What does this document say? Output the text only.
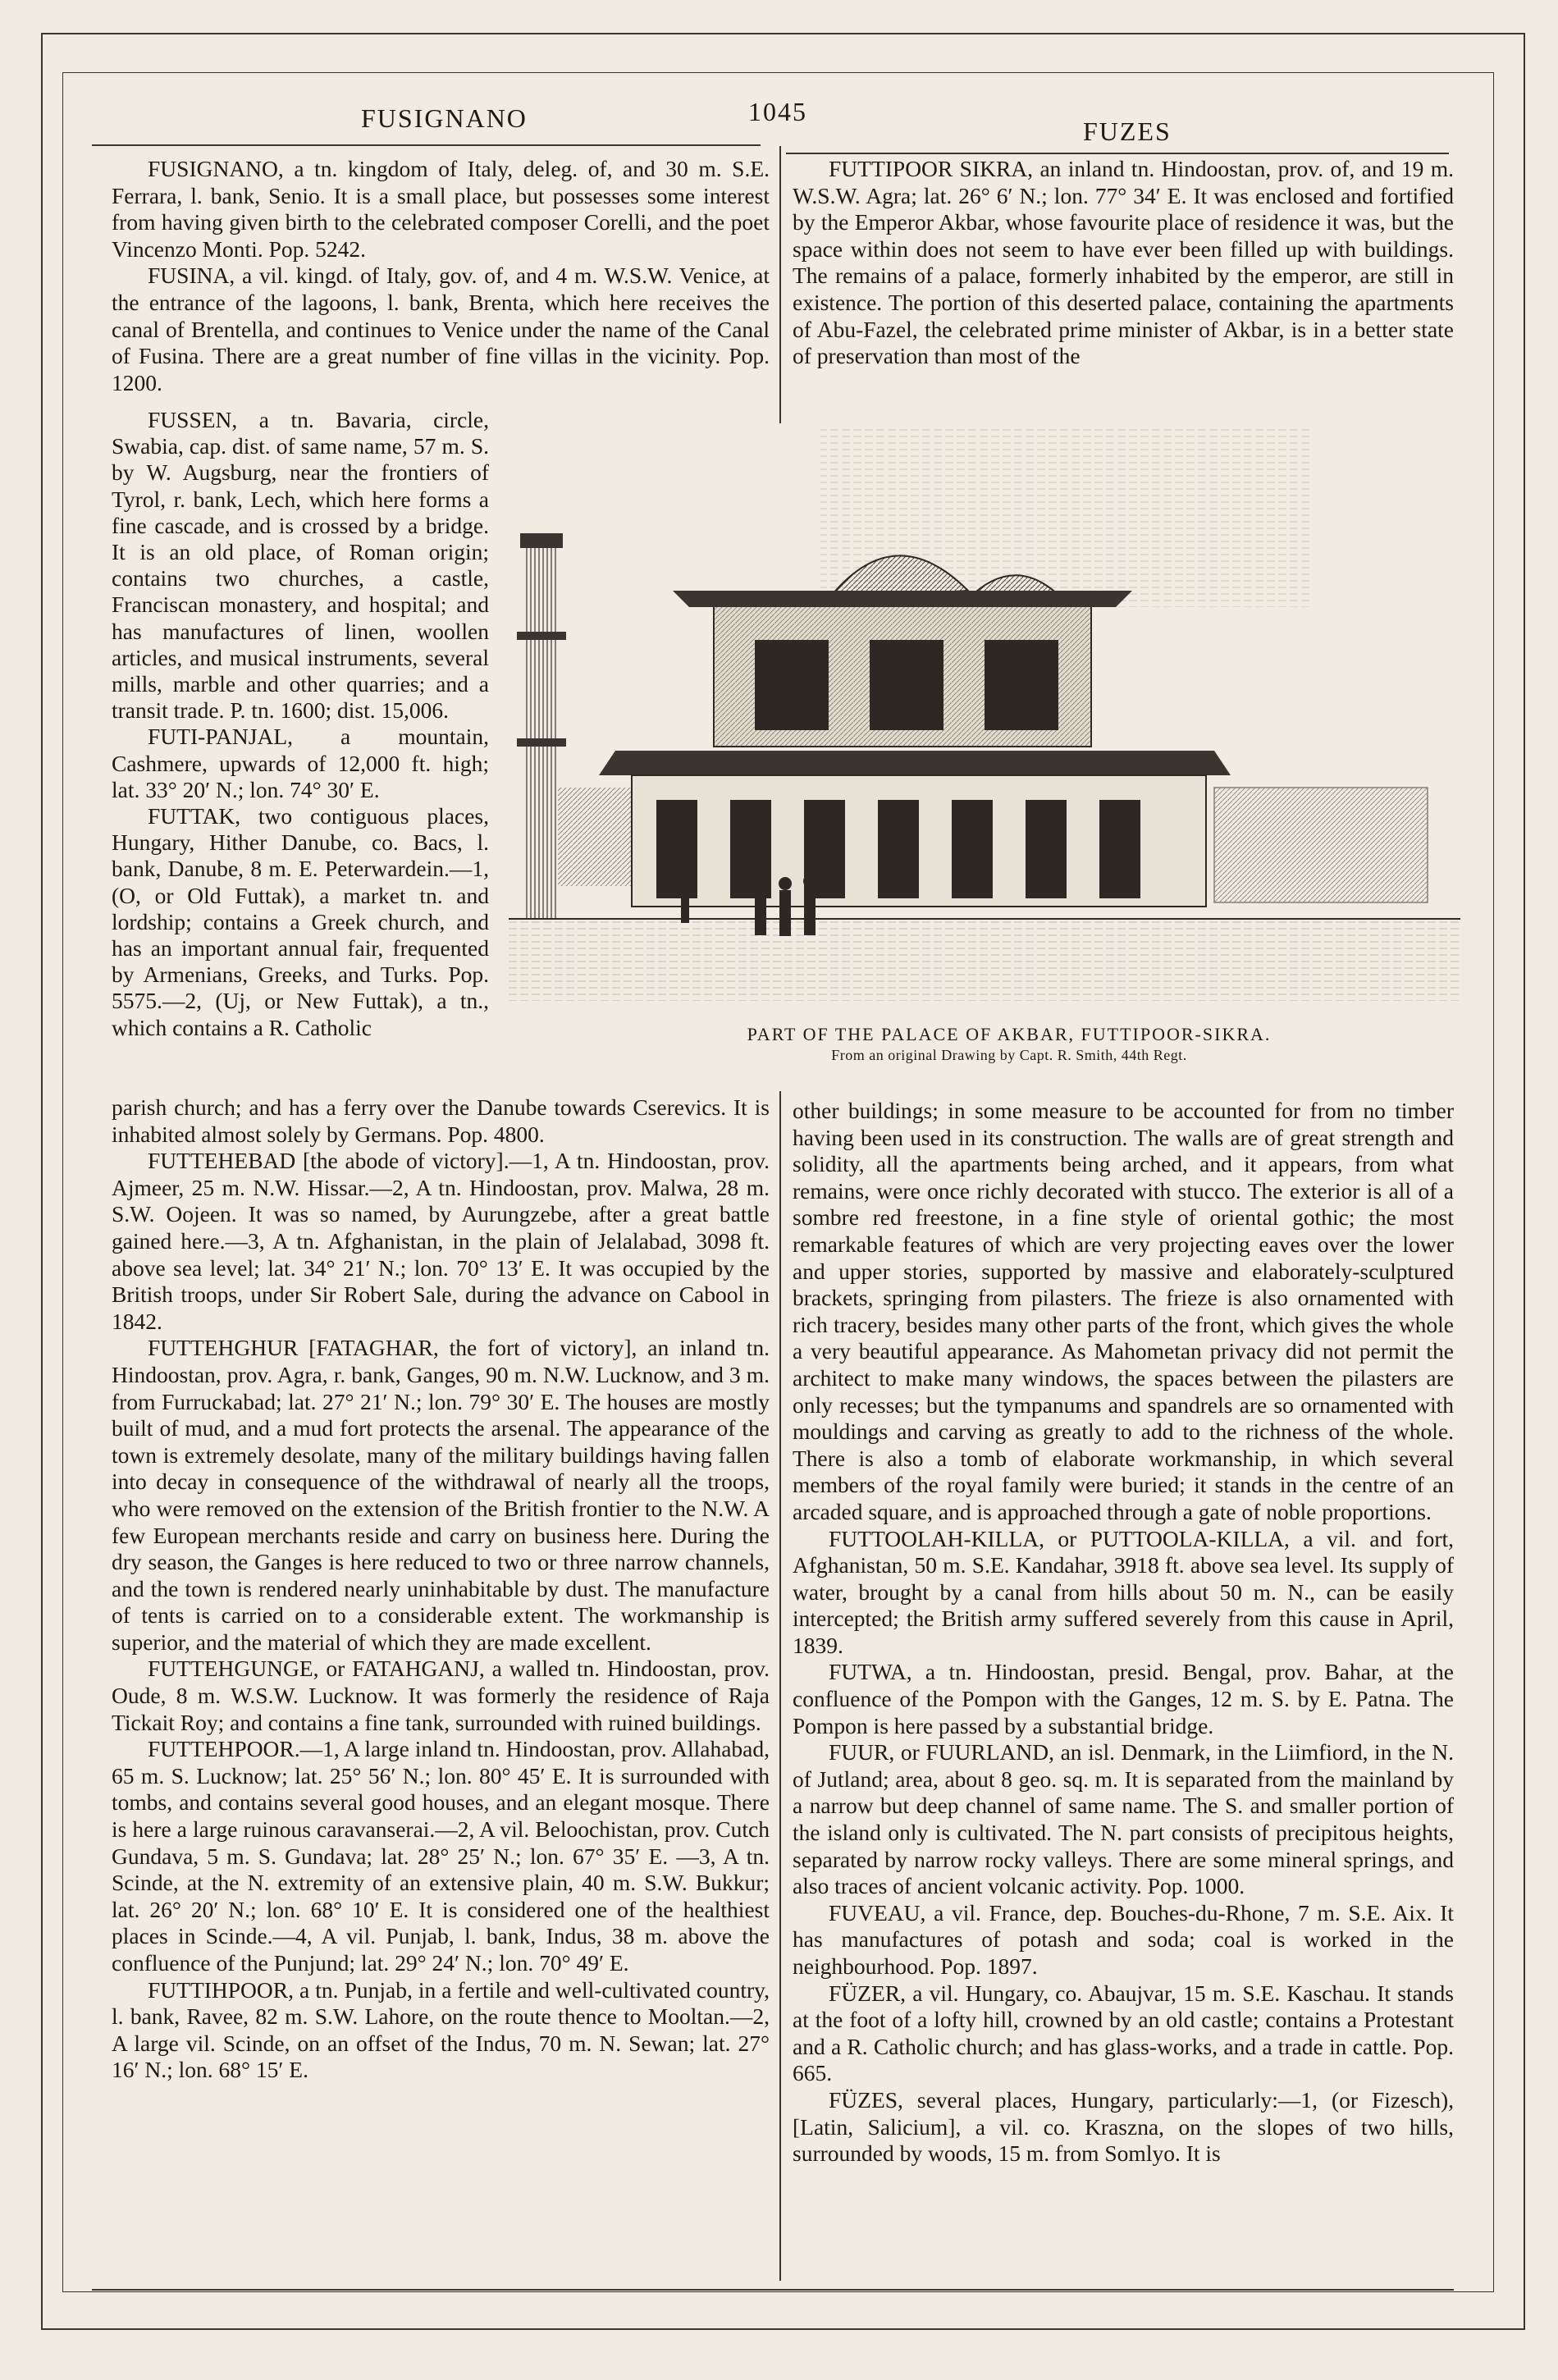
FUSIGNANO	1045
FUZES

FUSIGNANO, a tn. kingdom of Italy, deleg. of, and 30 m. S.E. Ferrara, l. bank, Senio. It is a small place, but possesses some interest from having given birth to the celebrated composer Corelli, and the poet Vincenzo Monti. Pop. 5242.

FUSINA, a vil. kingd. of Italy, gov. of, and 4 m. W.S.W. Venice, at the entrance of the lagoons, l. bank, Brenta, which here receives the canal of Brentella, and continues to Venice under the name of the Canal of Fusina. There are a great number of fine villas in the vicinity. Pop. 1200.

FUSSEN, a tn. Bavaria, circle, Swabia, cap. dist. of same name, 57 m. S. by W. Augsburg, near the frontiers of Tyrol, r. bank, Lech, which here forms a fine cascade, and is crossed by a bridge. It is an old place, of Roman origin; contains two churches, a castle, Franciscan monastery, and hospital; and has manufactures of linen, woollen articles, and musical instruments, several mills, marble and other quarries; and a transit trade. P. tn. 1600; dist. 15,006.

FUTI-PANJAL, a mountain, Cashmere, upwards of 12,000 ft. high; lat. 33° 20′ N.; lon. 74° 30′ E.

FUTTAK, two contiguous places, Hungary, Hither Danube, co. Bacs, l. bank, Danube, 8 m. E. Peterwardein.—1, (O, or Old Futtak), a market tn. and lordship; contains a Greek church, and has an important annual fair, frequented by Armenians, Greeks, and Turks. Pop. 5575.—2, (Uj, or New Futtak), a tn., which contains a R. Catholic

FUTTIPOOR SIKRA, an inland tn. Hindoostan, prov. of, and 19 m. W.S.W. Agra; lat. 26° 6′ N.; lon. 77° 34′ E. It was enclosed and fortified by the Emperor Akbar, whose favourite place of residence it was, but the space within does not seem to have ever been filled up with buildings. The remains of a palace, formerly inhabited by the emperor, are still in existence. The portion of this deserted palace, containing the apartments of Abu-Fazel, the celebrated prime minister of Akbar, is in a better state of preservation than most of the

PART OF THE PALACE OF AKBAR, FUTTIPOOR-SIKRA.
From an original Drawing by Capt. R. Smith, 44th Regt.

parish church; and has a ferry over the Danube towards Cserevics. It is inhabited almost solely by Germans. Pop. 4800.

FUTTEHEBAD [the abode of victory].—1, A tn. Hindoostan, prov. Ajmeer, 25 m. N.W. Hissar.—2, A tn. Hindoostan, prov. Malwa, 28 m. S.W. Oojeen. It was so named, by Aurungzebe, after a great battle gained here.—3, A tn. Afghanistan, in the plain of Jelalabad, 3098 ft. above sea level; lat. 34° 21′ N.; lon. 70° 13′ E. It was occupied by the British troops, under Sir Robert Sale, during the advance on Cabool in 1842.

FUTTEHGHUR [FATAGHAR, the fort of victory], an inland tn. Hindoostan, prov. Agra, r. bank, Ganges, 90 m. N.W. Lucknow, and 3 m. from Furruckabad; lat. 27° 21′ N.; lon. 79° 30′ E. The houses are mostly built of mud, and a mud fort protects the arsenal. The appearance of the town is extremely desolate, many of the military buildings having fallen into decay in consequence of the withdrawal of nearly all the troops, who were removed on the extension of the British frontier to the N.W. A few European merchants reside and carry on business here. During the dry season, the Ganges is here reduced to two or three narrow channels, and the town is rendered nearly uninhabitable by dust. The manufacture of tents is carried on to a considerable extent. The workmanship is superior, and the material of which they are made excellent.

FUTTEHGUNGE, or FATAHGANJ, a walled tn. Hindoostan, prov. Oude, 8 m. W.S.W. Lucknow. It was formerly the residence of Raja Tickait Roy; and contains a fine tank, surrounded with ruined buildings.

FUTTEHPOOR.—1, A large inland tn. Hindoostan, prov. Allahabad, 65 m. S. Lucknow; lat. 25° 56′ N.; lon. 80° 45′ E. It is surrounded with tombs, and contains several good houses, and an elegant mosque. There is here a large ruinous caravanserai.—2, A vil. Beloochistan, prov. Cutch Gundava, 5 m. S. Gundava; lat. 28° 25′ N.; lon. 67° 35′ E. —3, A tn. Scinde, at the N. extremity of an extensive plain, 40 m. S.W. Bukkur; lat. 26° 20′ N.; lon. 68° 10′ E. It is considered one of the healthiest places in Scinde.—4, A vil. Punjab, l. bank, Indus, 38 m. above the confluence of the Punjund; lat. 29° 24′ N.; lon. 70° 49′ E.

FUTTIHPOOR, a tn. Punjab, in a fertile and well-cultivated country, l. bank, Ravee, 82 m. S.W. Lahore, on the route thence to Mooltan.—2, A large vil. Scinde, on an offset of the Indus, 70 m. N. Sewan; lat. 27° 16′ N.; lon. 68° 15′ E.

other buildings; in some measure to be accounted for from no timber having been used in its construction. The walls are of great strength and solidity, all the apartments being arched, and it appears, from what remains, were once richly decorated with stucco. The exterior is all of a sombre red freestone, in a fine style of oriental gothic; the most remarkable features of which are very projecting eaves over the lower and upper stories, supported by massive and elaborately-sculptured brackets, springing from pilasters. The frieze is also ornamented with rich tracery, besides many other parts of the front, which gives the whole a very beautiful appearance. As Mahometan privacy did not permit the architect to make many windows, the spaces between the pilasters are only recesses; but the tympanums and spandrels are so ornamented with mouldings and carving as greatly to add to the richness of the whole. There is also a tomb of elaborate workmanship, in which several members of the royal family were buried; it stands in the centre of an arcaded square, and is approached through a gate of noble proportions.

FUTTOOLAH-KILLA, or PUTTOOLA-KILLA, a vil. and fort, Afghanistan, 50 m. S.E. Kandahar, 3918 ft. above sea level. Its supply of water, brought by a canal from hills about 50 m. N., can be easily intercepted; the British army suffered severely from this cause in April, 1839.

FUTWA, a tn. Hindoostan, presid. Bengal, prov. Bahar, at the confluence of the Pompon with the Ganges, 12 m. S. by E. Patna. The Pompon is here passed by a substantial bridge.

FUUR, or FUURLAND, an isl. Denmark, in the Liimfiord, in the N. of Jutland; area, about 8 geo. sq. m. It is separated from the mainland by a narrow but deep channel of same name. The S. and smaller portion of the island only is cultivated. The N. part consists of precipitous heights, separated by narrow rocky valleys. There are some mineral springs, and also traces of ancient volcanic activity. Pop. 1000.

FUVEAU, a vil. France, dep. Bouches-du-Rhone, 7 m. S.E. Aix. It has manufactures of potash and soda; coal is worked in the neighbourhood. Pop. 1897.

FÜZER, a vil. Hungary, co. Abaujvar, 15 m. S.E. Kaschau. It stands at the foot of a lofty hill, crowned by an old castle; contains a Protestant and a R. Catholic church; and has glass-works, and a trade in cattle. Pop. 665.

FÜZES, several places, Hungary, particularly:—1, (or Fizesch), [Latin, Salicium], a vil. co. Kraszna, on the slopes of two hills, surrounded by woods, 15 m. from Somlyo. It is
